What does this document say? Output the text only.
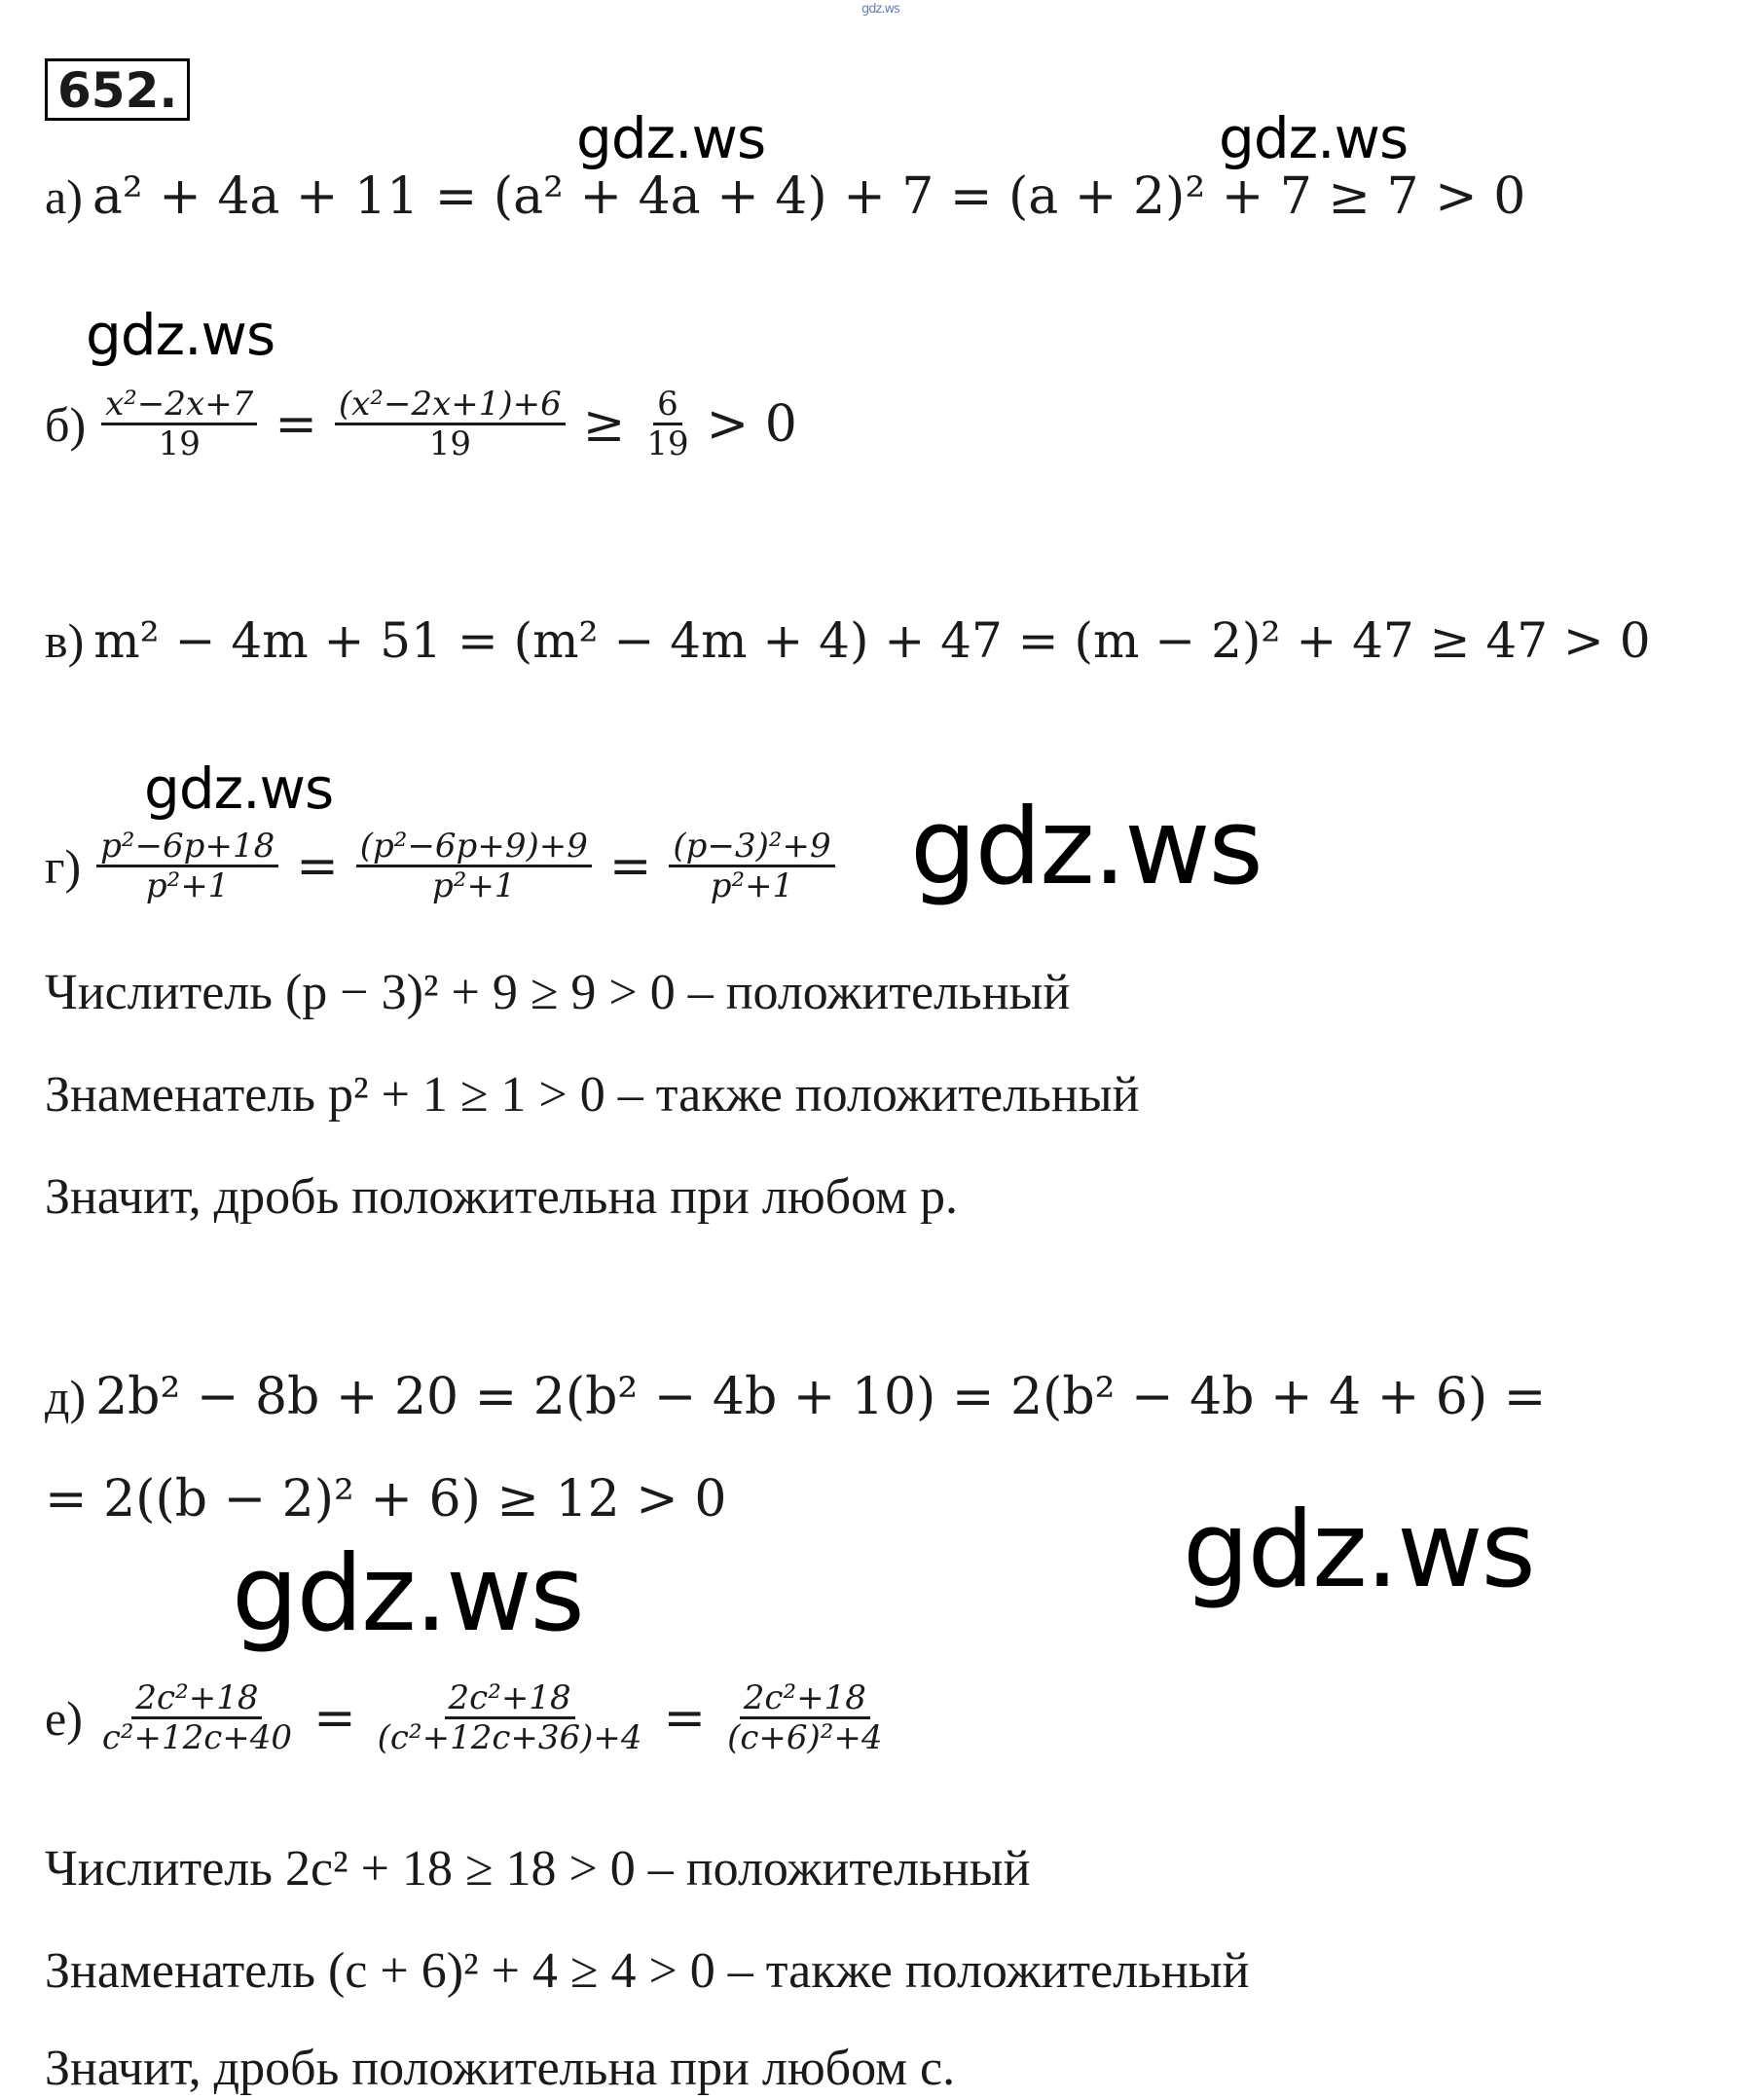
gdz.ws
652.
gdz.ws	gdz.ws
gdz.ws
gdz.ws	gdz.ws
gdz.ws
gdz.ws
а) a² + 4a + 11 = (a² + 4a + 4) + 7 = (a + 2)² + 7 ≥ 7 > 0
$б) \frac{\text{x²−2x+7}}{19} = \frac{\text{(x²−2x+1)+6}}{19} \ge \frac{6}{19} > 0$
в) m² − 4m + 51 = (m² − 4m + 4) + 47 = (m − 2)² + 47 ≥ 47 > 0
$г) \frac{\text{p²−6p+18}}{\text{p²+1}} = \frac{\text{(p²−6p+9)+9}}{\text{p²+1}} = \frac{\text{(p−3)²+9}}{\text{p²+1}}$
Числитель (p − 3)² + 9 ≥ 9 > 0 – положительный
Знаменатель p² + 1 ≥ 1 > 0 – также положительный
Значит, дробь положительна при любом p.
д) 2b² − 8b + 20 = 2(b² − 4b + 10) = 2(b² − 4b + 4 + 6) =
= 2((b − 2)² + 6) ≥ 12 > 0
$е) \frac{\text{2c²+18}}{\text{c²+12c+40}} = \frac{\text{2c²+18}}{\text{(c²+12c+36)+4}} = \frac{\text{2c²+18}}{\text{(c+6)²+4}}$
Числитель 2c² + 18 ≥ 18 > 0 – положительный
Знаменатель (c + 6)² + 4 ≥ 4 > 0 – также положительный
Значит, дробь положительна при любом c.
